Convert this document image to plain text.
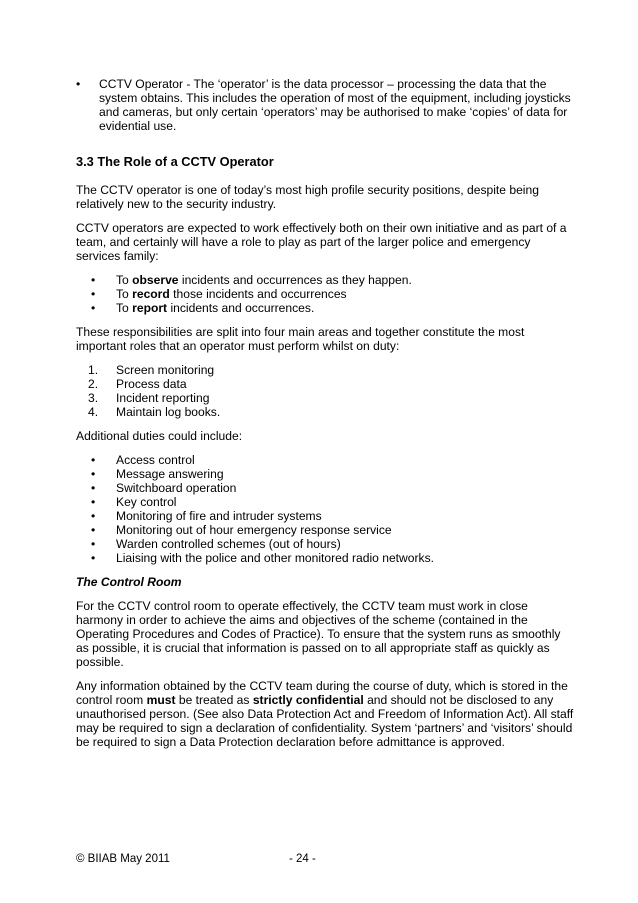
• CCTV Operator - The ‘operator’ is the data processor – processing the data that the system obtains. This includes the operation of most of the equipment, including joysticks and cameras, but only certain ‘operators’ may be authorised to make ‘copies’ of data for evidential use.
3.3 The Role of a CCTV Operator

The CCTV operator is one of today’s most high profile security positions, despite being relatively new to the security industry.

CCTV operators are expected to work effectively both on their own initiative and as part of a team, and certainly will have a role to play as part of the larger police and emergency services family:

• To observe incidents and occurrences as they happen.
• To record those incidents and occurrences
• To report incidents and occurrences.

These responsibilities are split into four main areas and together constitute the most important roles that an operator must perform whilst on duty:

1. Screen monitoring
2. Process data
3. Incident reporting
4. Maintain log books.

Additional duties could include:

• Access control
• Message answering
• Switchboard operation
• Key control
• Monitoring of fire and intruder systems
• Monitoring out of hour emergency response service
• Warden controlled schemes (out of hours)
• Liaising with the police and other monitored radio networks.
The Control Room

For the CCTV control room to operate effectively, the CCTV team must work in close harmony in order to achieve the aims and objectives of the scheme (contained in the Operating Procedures and Codes of Practice). To ensure that the system runs as smoothly as possible, it is crucial that information is passed on to all appropriate staff as quickly as possible.

Any information obtained by the CCTV team during the course of duty, which is stored in the control room must be treated as strictly confidential and should not be disclosed to any unauthorised person. (See also Data Protection Act and Freedom of Information Act). All staff may be required to sign a declaration of confidentiality. System ‘partners’ and ‘visitors’ should be required to sign a Data Protection declaration before admittance is approved.

© BIIAB May 2011	- 24 -
